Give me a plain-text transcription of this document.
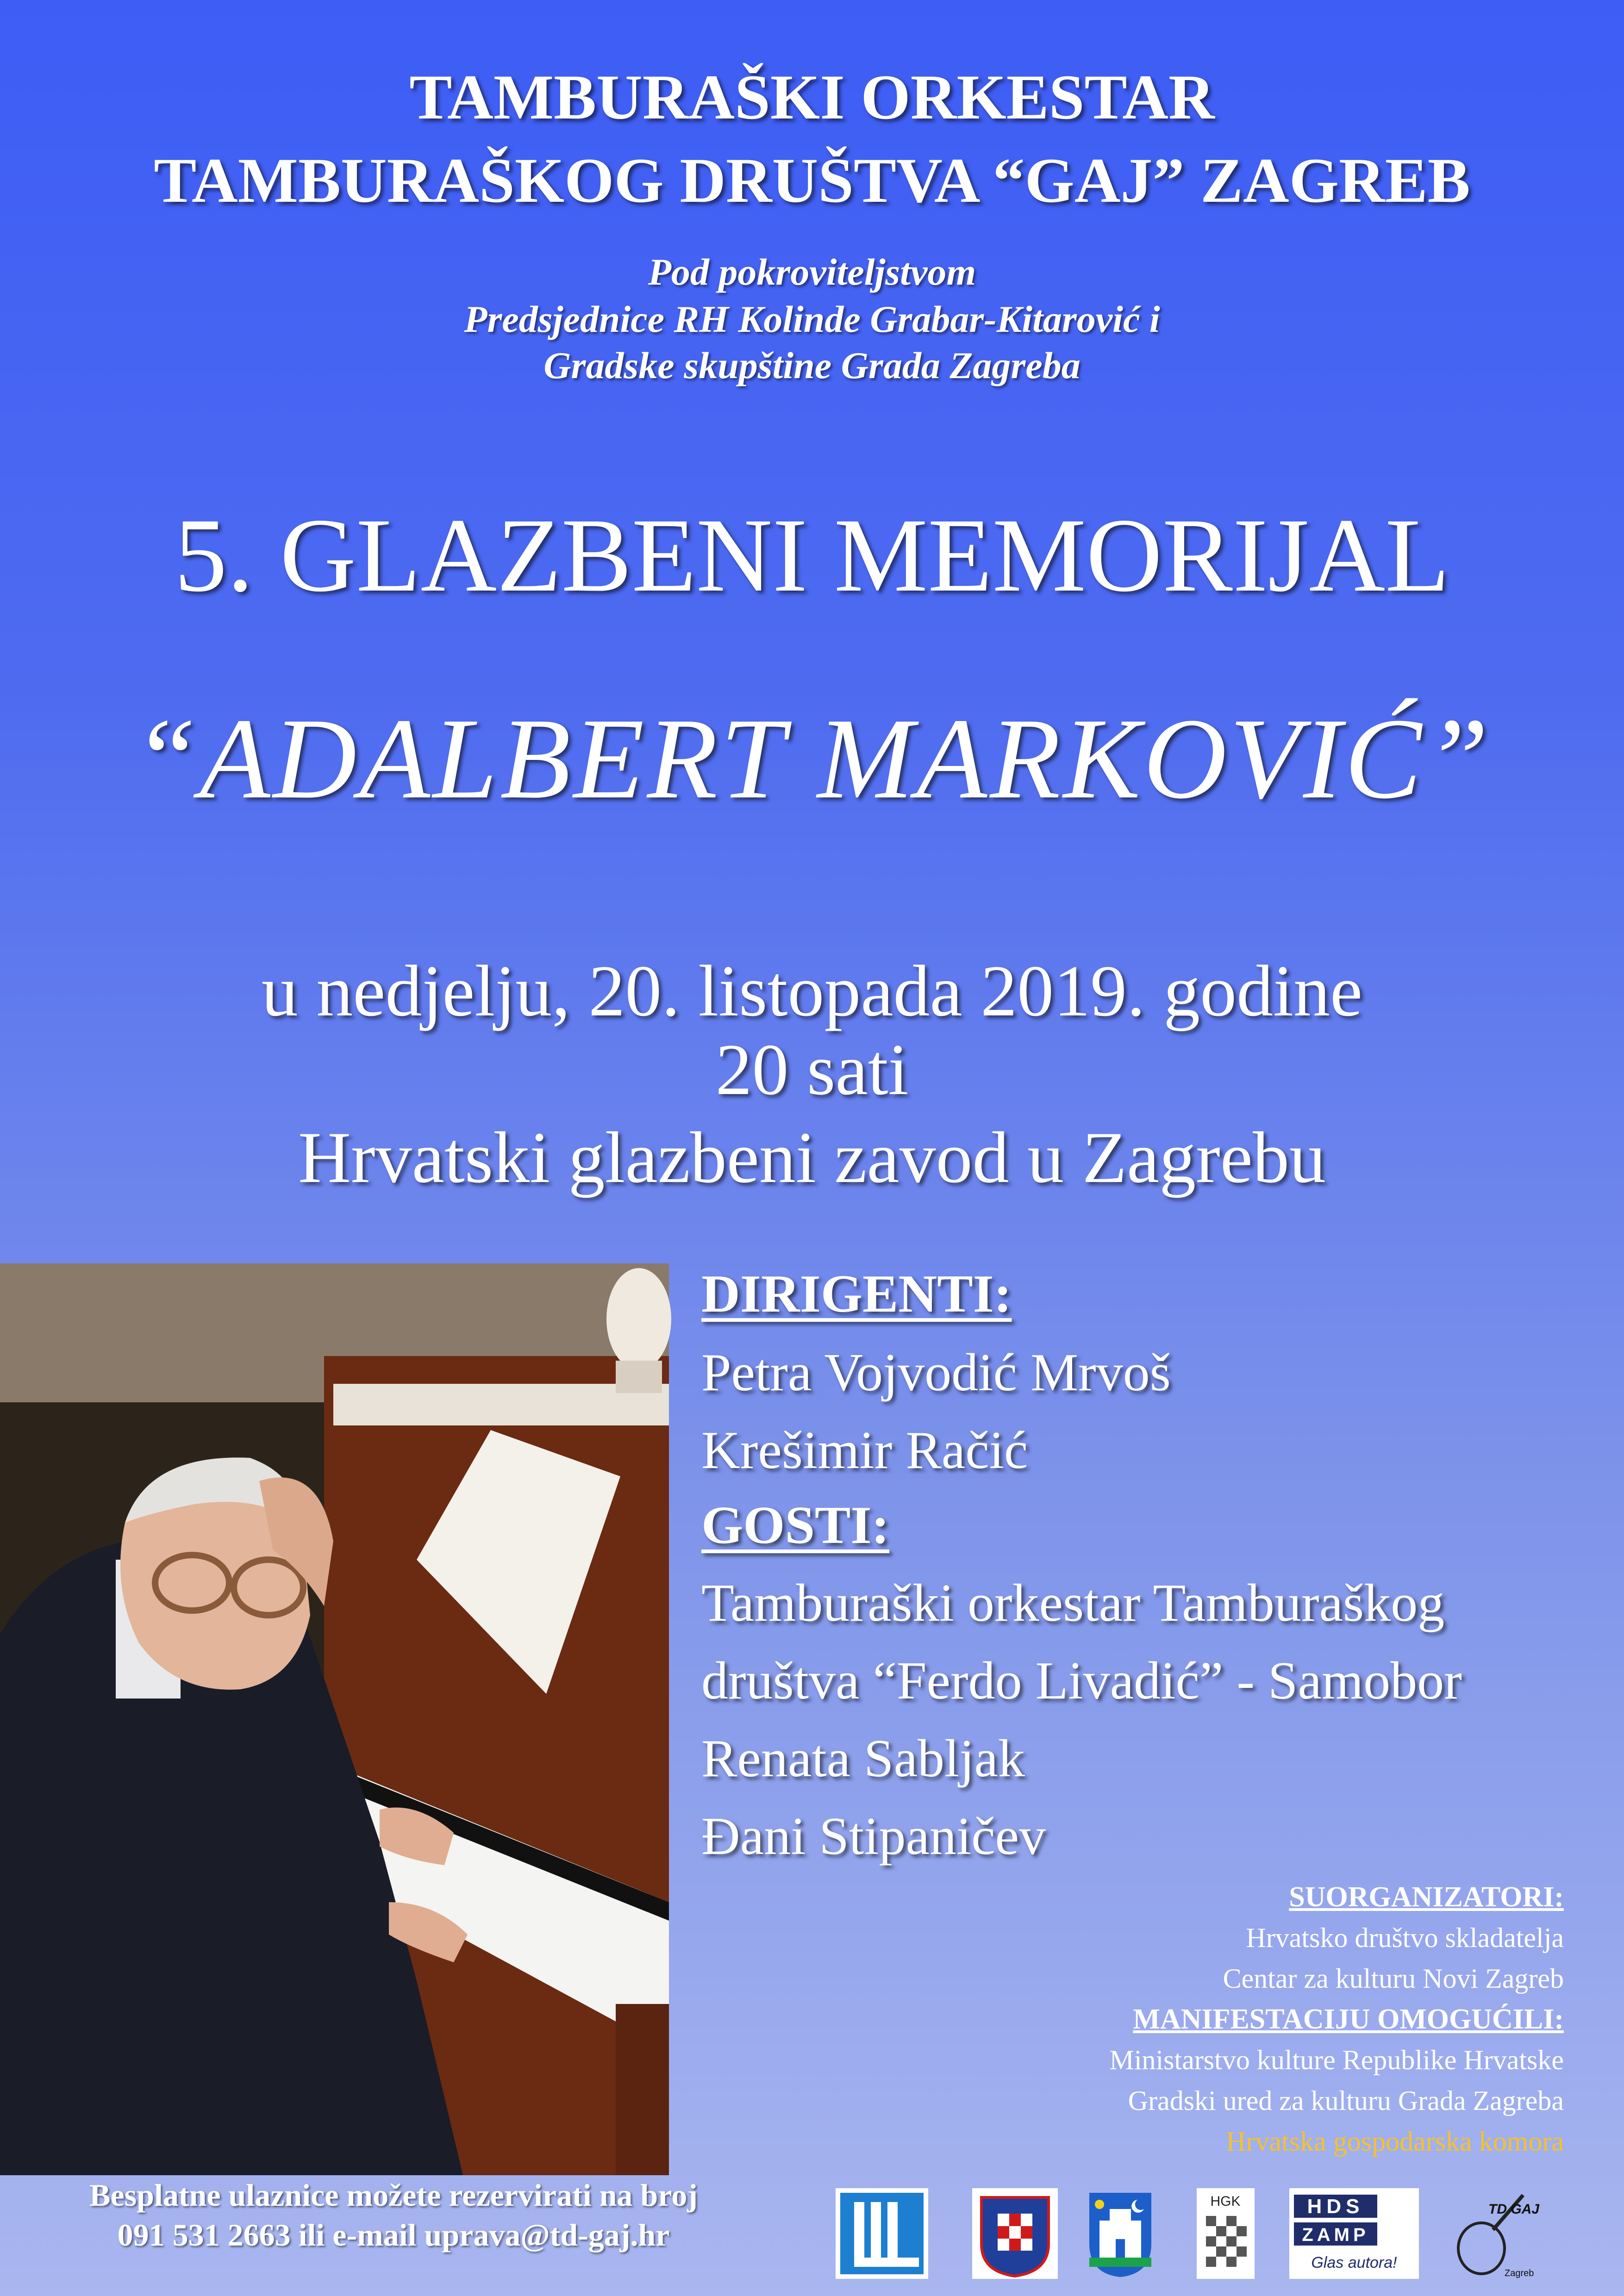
TAMBURAŠKI ORKESTAR
TAMBURAŠKOG DRUŠTVA “GAJ” ZAGREB
Pod pokroviteljstvom
Predsjednice RH Kolinde Grabar-Kitarović i
Gradske skupštine Grada Zagreba
5. GLAZBENI MEMORIJAL
“ADALBERT MARKOVIĆ”
u nedjelju, 20. listopada 2019. godine
20 sati
Hrvatski glazbeni zavod u Zagrebu
DIRIGENTI:
Petra Vojvodić Mrvoš
Krešimir Račić
GOSTI:
Tamburaški orkestar Tamburaškog
društva “Ferdo Livadić” - Samobor
Renata Sabljak
Đani Stipaničev
SUORGANIZATORI:
Hrvatsko društvo skladatelja
Centar za kulturu Novi Zagreb
MANIFESTACIJU OMOGUĆILI:
Ministarstvo kulture Republike Hrvatske
Gradski ured za kulturu Grada Zagreba
Hrvatska gospodarska komora
Besplatne ulaznice možete rezervirati na broj
091 531 2663 ili e-mail uprava@td-gaj.hr
HGK	HDS
ZAMP
Glas autora!
TD GAJ
Zagreb
